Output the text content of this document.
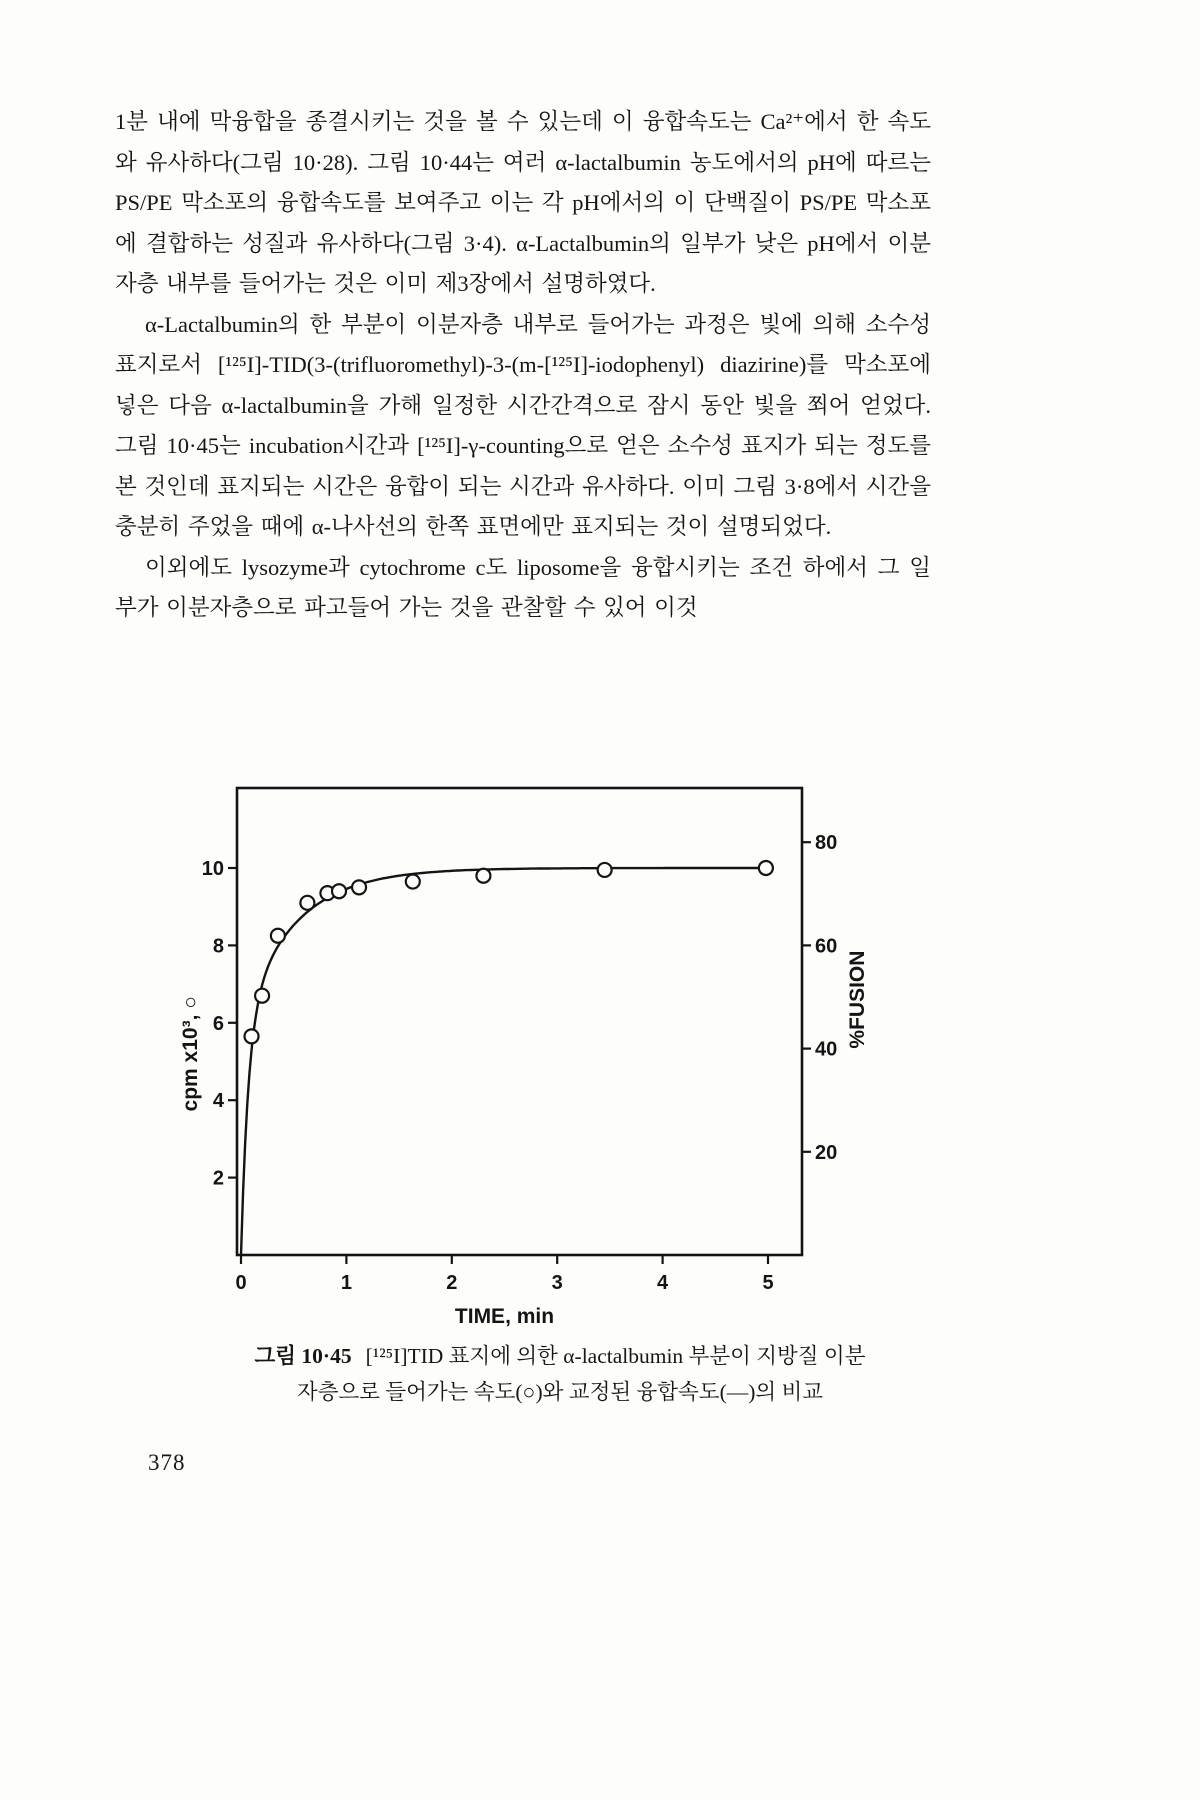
1분 내에 막융합을 종결시키는 것을 볼 수 있는데 이 융합속도는 Ca²⁺에서 한 속도와 유사하다(그림 10·28). 그림 10·44는 여러 α-lactalbumin 농도에서의 pH에 따르는 PS/PE 막소포의 융합속도를 보여주고 이는 각 pH에서의 이 단백질이 PS/PE 막소포에 결합하는 성질과 유사하다(그림 3·4). α-Lactalbumin의 일부가 낮은 pH에서 이분자층 내부를 들어가는 것은 이미 제3장에서 설명하였다.

α-Lactalbumin의 한 부분이 이분자층 내부로 들어가는 과정은 빛에 의해 소수성 표지로서 [¹²⁵I]-TID(3-(trifluoromethyl)-3-(m-[¹²⁵I]-iodophenyl) diazirine)를 막소포에 넣은 다음 α-lactalbumin을 가해 일정한 시간간격으로 잠시 동안 빛을 쬐어 얻었다. 그림 10·45는 incubation시간과 [¹²⁵I]-γ-counting으로 얻은 소수성 표지가 되는 정도를 본 것인데 표지되는 시간은 융합이 되는 시간과 유사하다. 이미 그림 3·8에서 시간을 충분히 주었을 때에 α-나사선의 한쪽 표면에만 표지되는 것이 설명되었다.

이외에도 lysozyme과 cytochrome c도 liposome을 융합시키는 조건 하에서 그 일부가 이분자층으로 파고들어 가는 것을 관찰할 수 있어 이것

0	1	2	3	4	5
2
4
6
8
10
20
40
60
80
TIME, min
cpm x10³, ○	%FUSION
그림 10·45 [¹²⁵I]TID 표지에 의한 α-lactalbumin 부분이 지방질 이분
자층으로 들어가는 속도(○)와 교정된 융합속도(—)의 비교
378
